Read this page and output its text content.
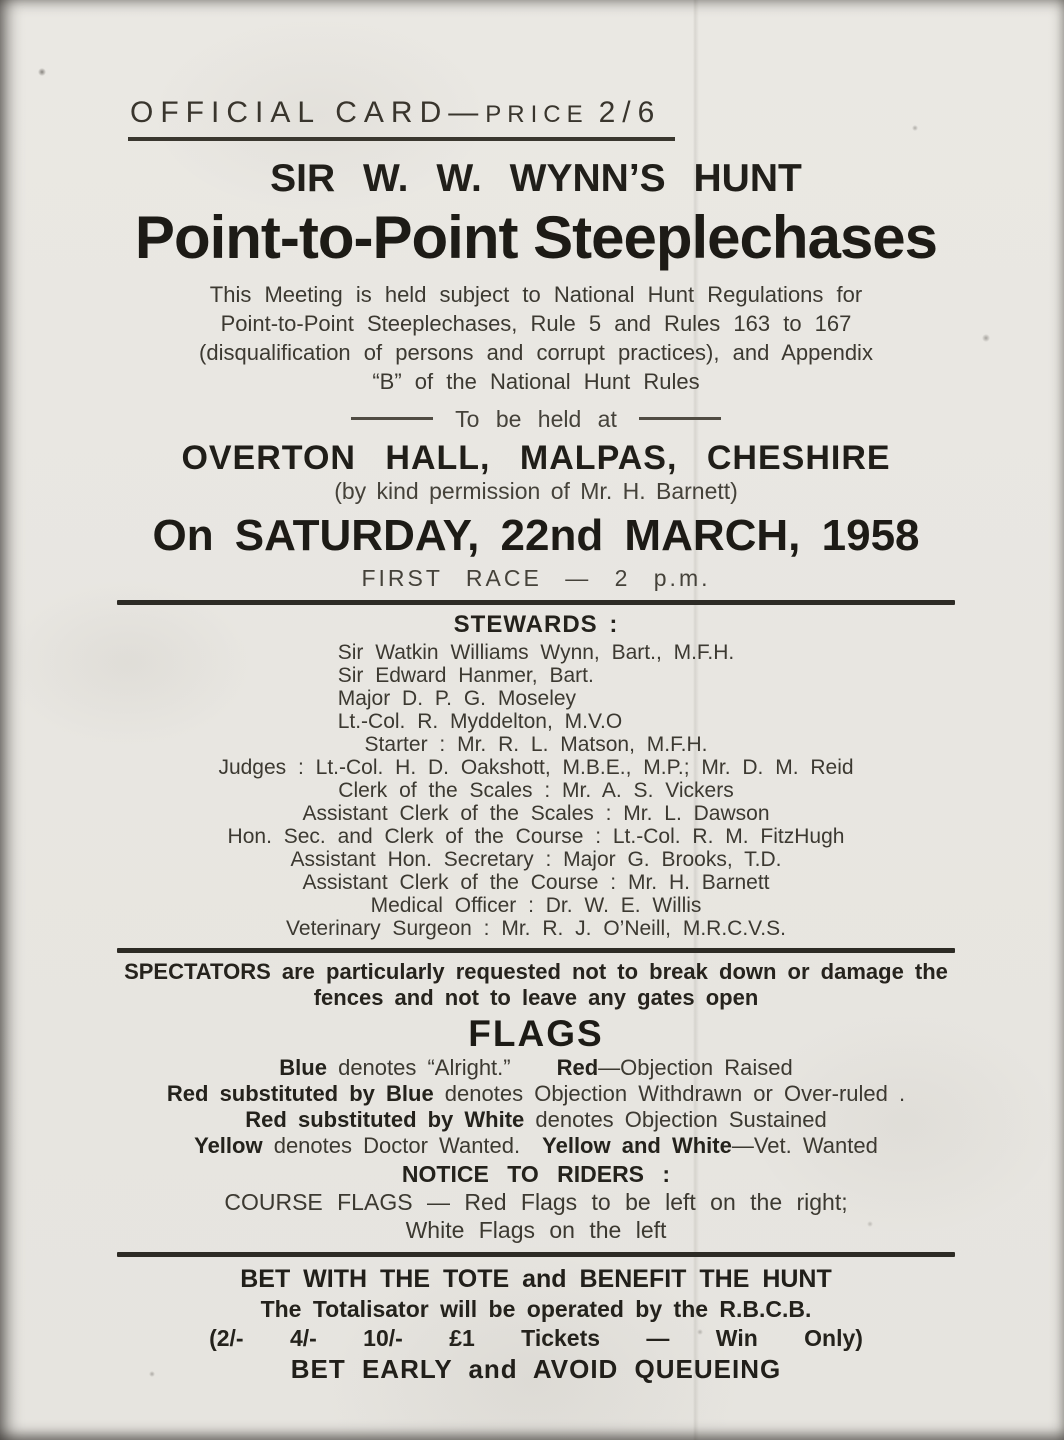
OFFICIAL CARD—PRICE 2/6
SIR W. W. WYNN’S HUNT
Point-to-Point Steeplechases
This Meeting is held subject to National Hunt Regulations for
Point-to-Point Steeplechases, Rule 5 and Rules 163 to 167
(disqualification of persons and corrupt practices), and Appendix
“B” of the National Hunt Rules
To be held at
OVERTON HALL, MALPAS, CHESHIRE
(by kind permission of Mr. H. Barnett)
On SATURDAY, 22nd MARCH, 1958
FIRST RACE — 2 p.m.
STEWARDS :
Sir Watkin Williams Wynn, Bart., M.F.H.
Sir Edward Hanmer, Bart.
Major D. P. G. Moseley
Lt.-Col. R. Myddelton, M.V.O
Starter : Mr. R. L. Matson, M.F.H.
Judges : Lt.-Col. H. D. Oakshott, M.B.E., M.P.; Mr. D. M. Reid
Clerk of the Scales : Mr. A. S. Vickers
Assistant Clerk of the Scales : Mr. L. Dawson
Hon. Sec. and Clerk of the Course : Lt.-Col. R. M. FitzHugh
Assistant Hon. Secretary : Major G. Brooks, T.D.
Assistant Clerk of the Course : Mr. H. Barnett
Medical Officer : Dr. W. E. Willis
Veterinary Surgeon : Mr. R. J. O’Neill, M.R.C.V.S.
SPECTATORS are particularly requested not to break down or damage the
fences and not to leave any gates open
FLAGS
Blue denotes “Alright.” Red—Objection Raised
Red substituted by Blue denotes Objection Withdrawn or Over-ruled .
Red substituted by White denotes Objection Sustained
Yellow denotes Doctor Wanted. Yellow and White—Vet. Wanted
NOTICE TO RIDERS :
COURSE FLAGS — Red Flags to be left on the right;
White Flags on the left
BET WITH THE TOTE and BENEFIT THE HUNT
The Totalisator will be operated by the R.B.C.B.
(2/- 4/- 10/- £1 Tickets — Win Only)
BET EARLY and AVOID QUEUEING
